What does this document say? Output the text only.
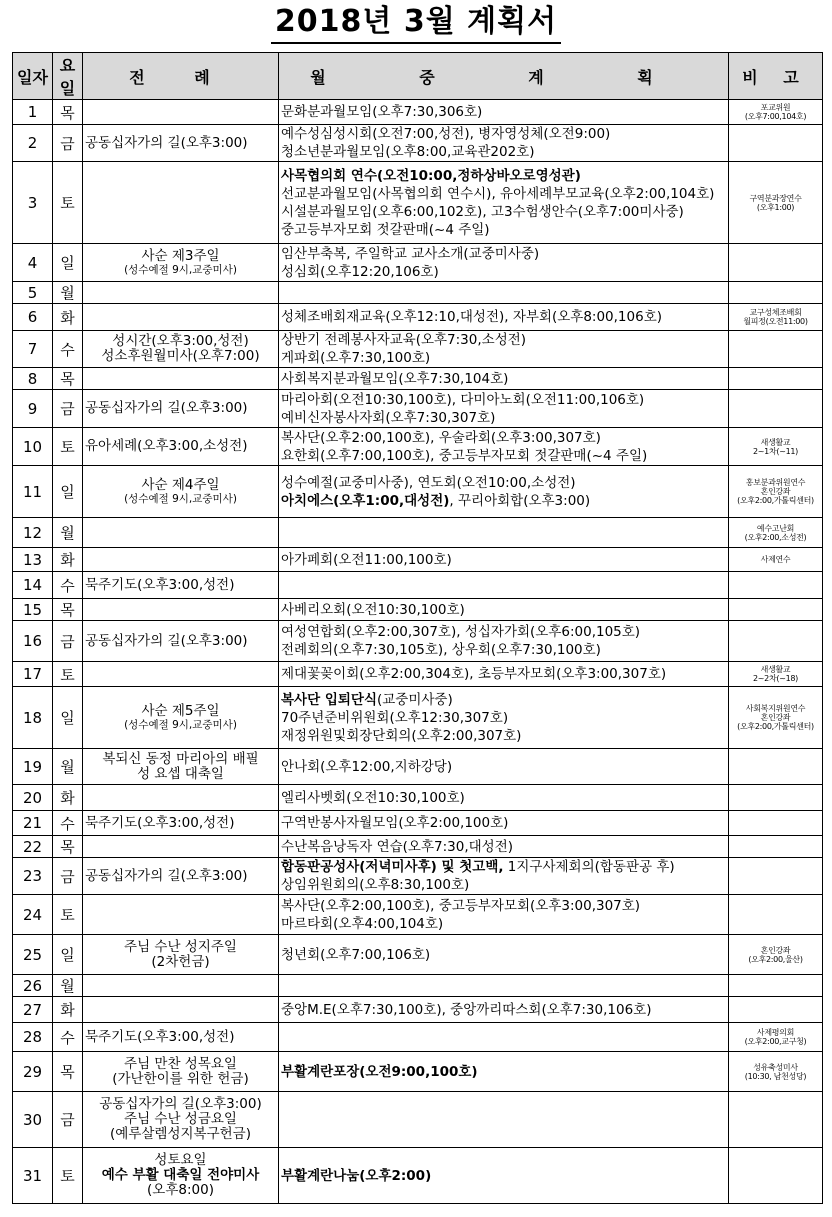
2018년 3월 계획서
일자	요일	전 례	월 중 계 획	비 고
1	목		문화분과월모임(오후7:30,306호)	포교위원
(오후7:00,104호)

2	금	공동십자가의 길(오후3:00)	예수성심성시회(오전7:00,성전), 병자영성체(오전9:00)
청소년분과월모임(오후8:00,교육관202호)	

3	토		사목협의회 연수(오전10:00,정하상바오로영성관)
선교분과월모임(사목협의회 연수시), 유아세례부모교육(오후2:00,104호)
시설분과월모임(오후6:00,102호), 고3수험생안수(오후7:00미사중)
중고등부자모회 젓갈판매(~4 주일)	구역분과장연수
(오후1:00)

4	일	사순 제3주일
(성수예절 9시,교중미사)	임산부축복, 주일학교 교사소개(교중미사중)
성심회(오후12:20,106호)	

5	월			
6	화		성체조배회재교육(오후12:10,대성전), 자부회(오후8:00,106호)	교구성체조배회
월피정(오전11:00)

7	수	성시간(오후3:00,성전)
성소후원월미사(오후7:00)	상반기 전례봉사자교육(오후7:30,소성전)
게파회(오후7:30,100호)	

8	목		사회복지분과월모임(오후7:30,104호)	

9	금	공동십자가의 길(오후3:00)	마리아회(오전10:30,100호), 다미아노회(오전11:00,106호)
예비신자봉사자회(오후7:30,307호)	

10	토	유아세례(오후3:00,소성전)	복사단(오후2:00,100호), 우술라회(오후3:00,307호)
요한회(오후7:00,100호), 중고등부자모회 젓갈판매(~4 주일)	새생활교
2~1차(~11)

11	일	사순 제4주일
(성수예절 9시,교중미사)	성수예절(교중미사중), 연도회(오전10:00,소성전)
아치에스(오후1:00,대성전), 꾸리아회합(오후3:00)	홍보분과위원연수
혼인강좌
(오후2:00,가톨릭센터)

12	월			예수고난회
(오후2:00,소성전)

13	화		아가페회(오전11:00,100호)	사제연수

14	수	묵주기도(오후3:00,성전)		

15	목		사베리오회(오전10:30,100호)	

16	금	공동십자가의 길(오후3:00)	여성연합회(오후2:00,307호), 성십자가회(오후6:00,105호)
전례회의(오후7:30,105호), 상우회(오후7:30,100호)	

17	토		제대꽃꽂이회(오후2:00,304호), 초등부자모회(오후3:00,307호)	새생활교
2~2차(~18)

18	일	사순 제5주일
(성수예절 9시,교중미사)	복사단 입퇴단식(교중미사중)
70주년준비위원회(오후12:30,307호)
재정위원및회장단회의(오후2:00,307호)	사회복지위원연수
혼인강좌
(오후2:00,가톨릭센터)

19	월	복되신 동정 마리아의 배필
성 요셉 대축일	안나회(오후12:00,지하강당)	

20	화		엘리사벳회(오전10:30,100호)	

21	수	묵주기도(오후3:00,성전)	구역반봉사자월모임(오후2:00,100호)	

22	목		수난복음낭독자 연습(오후7:30,대성전)	

23	금	공동십자가의 길(오후3:00)	합동판공성사(저녁미사후) 및 첫고백, 1지구사제회의(합동판공 후)
상임위원회의(오후8:30,100호)	

24	토		복사단(오후2:00,100호), 중고등부자모회(오후3:00,307호)
마르타회(오후4:00,104호)	

25	일	주님 수난 성지주일
(2차헌금)	청년회(오후7:00,106호)	혼인강좌
(오후2:00,울산)

26	월			
27	화		중앙M.E(오후7:30,100호), 중앙까리따스회(오후7:30,106호)	

28	수	묵주기도(오후3:00,성전)		사제평의회
(오후2:00,교구청)

29	목	주님 만찬 성목요일
(가난한이를 위한 헌금)	부활계란포장(오전9:00,100호)	성유축성미사
(10:30, 남천성당)

30	금	공동십자가의 길(오후3:00)
주님 수난 성금요일
(예루살렘성지복구헌금)		

31	토	성토요일
예수 부활 대축일 전야미사
(오후8:00)	부활계란나눔(오후2:00)	
